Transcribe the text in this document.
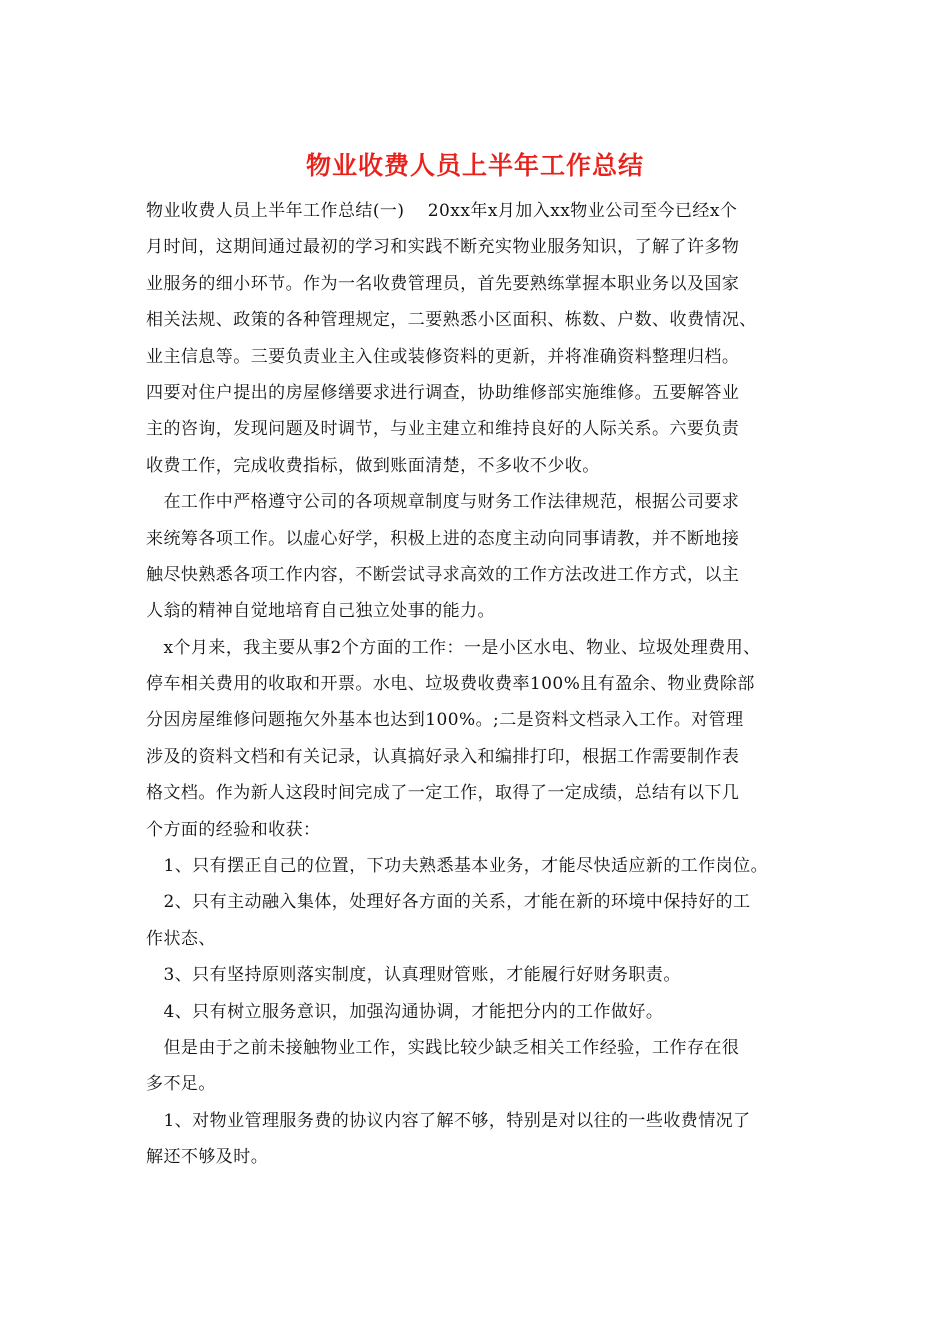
物业收费人员上半年工作总结
物业收费人员上半年工作总结(一)　 20xx年x月加入xx物业公司至今已经x个
月时间，这期间通过最初的学习和实践不断充实物业服务知识，了解了许多物
业服务的细小环节。作为一名收费管理员，首先要熟练掌握本职业务以及国家
相关法规、政策的各种管理规定，二要熟悉小区面积、栋数、户数、收费情况、
业主信息等。三要负责业主入住或装修资料的更新，并将准确资料整理归档。
四要对住户提出的房屋修缮要求进行调查，协助维修部实施维修。五要解答业
主的咨询，发现问题及时调节，与业主建立和维持良好的人际关系。六要负责
收费工作，完成收费指标，做到账面清楚，不多收不少收。
　在工作中严格遵守公司的各项规章制度与财务工作法律规范，根据公司要求
来统筹各项工作。以虚心好学，积极上进的态度主动向同事请教，并不断地接
触尽快熟悉各项工作内容，不断尝试寻求高效的工作方法改进工作方式，以主
人翁的精神自觉地培育自己独立处事的能力。
　x个月来，我主要从事2个方面的工作：一是小区水电、物业、垃圾处理费用、
停车相关费用的收取和开票。水电、垃圾费收费率100%且有盈余、物业费除部
分因房屋维修问题拖欠外基本也达到100%。;二是资料文档录入工作。对管理
涉及的资料文档和有关记录，认真搞好录入和编排打印，根据工作需要制作表
格文档。作为新人这段时间完成了一定工作，取得了一定成绩，总结有以下几
个方面的经验和收获：
　1、只有摆正自己的位置，下功夫熟悉基本业务，才能尽快适应新的工作岗位。
　2、只有主动融入集体，处理好各方面的关系，才能在新的环境中保持好的工
作状态、
　3、只有坚持原则落实制度，认真理财管账，才能履行好财务职责。
　4、只有树立服务意识，加强沟通协调，才能把分内的工作做好。
　但是由于之前未接触物业工作，实践比较少缺乏相关工作经验，工作存在很
多不足。
　1、对物业管理服务费的协议内容了解不够，特别是对以往的一些收费情况了
解还不够及时。
